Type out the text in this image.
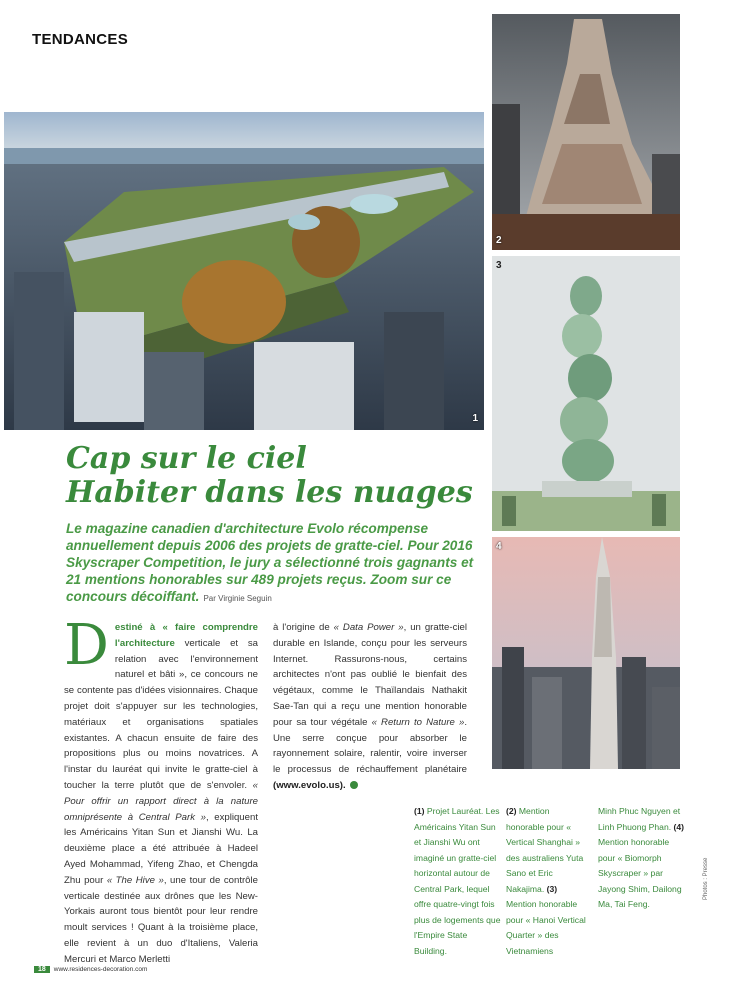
TENDANCES
1
2
3
4
Cap sur le ciel
Habiter dans les nuages

Le magazine canadien d'architecture Evolo récompense annuellement depuis 2006 des projets de gratte-ciel. Pour 2016 Skyscraper Competition, le jury a sélectionné trois gagnants et 21 mentions honorables sur 489 projets reçus. Zoom sur ce concours décoiffant. Par Virginie Seguin

Destiné à « faire comprendre l'architecture verticale et sa relation avec l'environnement naturel et bâti », ce concours ne se contente pas d'idées visionnaires. Chaque projet doit s'appuyer sur les technologies, matériaux et organisations spatiales existantes. A chacun ensuite de faire des propositions plus ou moins novatrices. A l'instar du lauréat qui invite le gratte-ciel à toucher la terre plutôt que de s'envoler. « Pour offrir un rapport direct à la nature omniprésente à Central Park », expliquent les Américains Yitan Sun et Jianshi Wu. La deuxième place a été attribuée à Hadeel Ayed Mohammad, Yifeng Zhao, et Chengda Zhu pour « The Hive », une tour de contrôle verticale destinée aux drônes que les New-Yorkais auront tous bientôt pour leur rendre moult services ! Quant à la troisième place, elle revient à un duo d'Italiens, Valeria Mercuri et Marco Merletti
à l'origine de « Data Power », un gratte-ciel durable en Islande, conçu pour les serveurs Internet. Rassurons-nous, certains architectes n'ont pas oublié le bienfait des végétaux, comme le Thaïlandais Nathakit Sae-Tan qui a reçu une mention honorable pour sa tour végétale « Return to Nature ». Une serre conçue pour absorber le rayonnement solaire, ralentir, voire inverser le processus de réchauffement planétaire (www.evolo.us).
(1) Projet Lauréat. Les Américains Yitan Sun et Jianshi Wu ont imaginé un gratte-ciel horizontal autour de Central Park, lequel offre quatre-vingt fois plus de logements que l'Empire State Building.
(2) Mention honorable pour « Vertical Shanghai » des australiens Yuta Sano et Eric Nakajima. (3) Mention honorable pour « Hanoi Vertical Quarter » des Vietnamiens
Minh Phuc Nguyen et Linh Phuong Phan. (4) Mention honorable pour « Biomorph Skyscraper » par Jayong Shim, Dailong Ma, Tai Feng.
Photos : Presse
18	www.residences-decoration.com
